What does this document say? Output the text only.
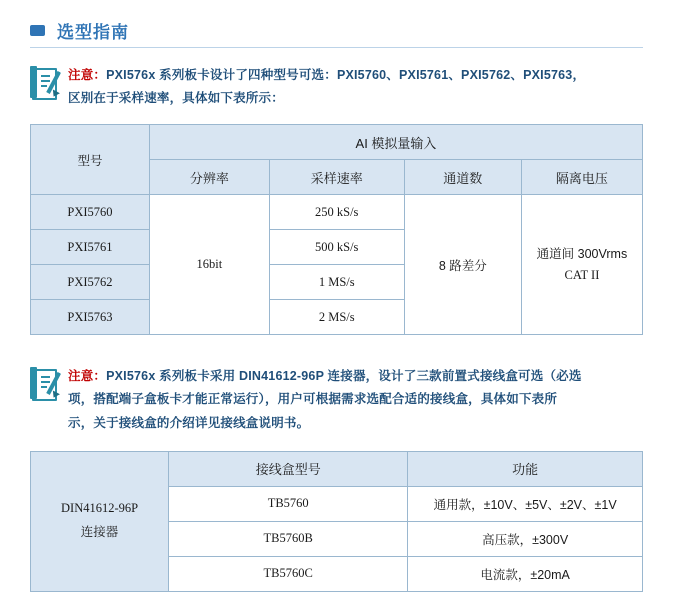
选型指南
注意：PXI576x 系列板卡设计了四种型号可选：PXI5760、PXI5761、PXI5762、PXI5763，
区别在于采样速率，具体如下表所示：
型号	AI 模拟量输入			
	分辨率	采样速率	通道数	隔离电压
PXI5760	16bit	250 kS/s	8 路差分	通道间 300Vrms
CAT II
PXI5761		500 kS/s		
PXI5762		1 MS/s		
PXI5763		2 MS/s		
注意：PXI576x 系列板卡采用 DIN41612-96P 连接器，设计了三款前置式接线盒可选（必选
项，搭配端子盒板卡才能正常运行），用户可根据需求选配合适的接线盒，具体如下表所
示，关于接线盒的介绍详见接线盒说明书。
DIN41612-96P
连接器	接线盒型号	功能
	TB5760	通用款，±10V、±5V、±2V、±1V
	TB5760B	高压款，±300V
	TB5760C	电流款，±20mA
